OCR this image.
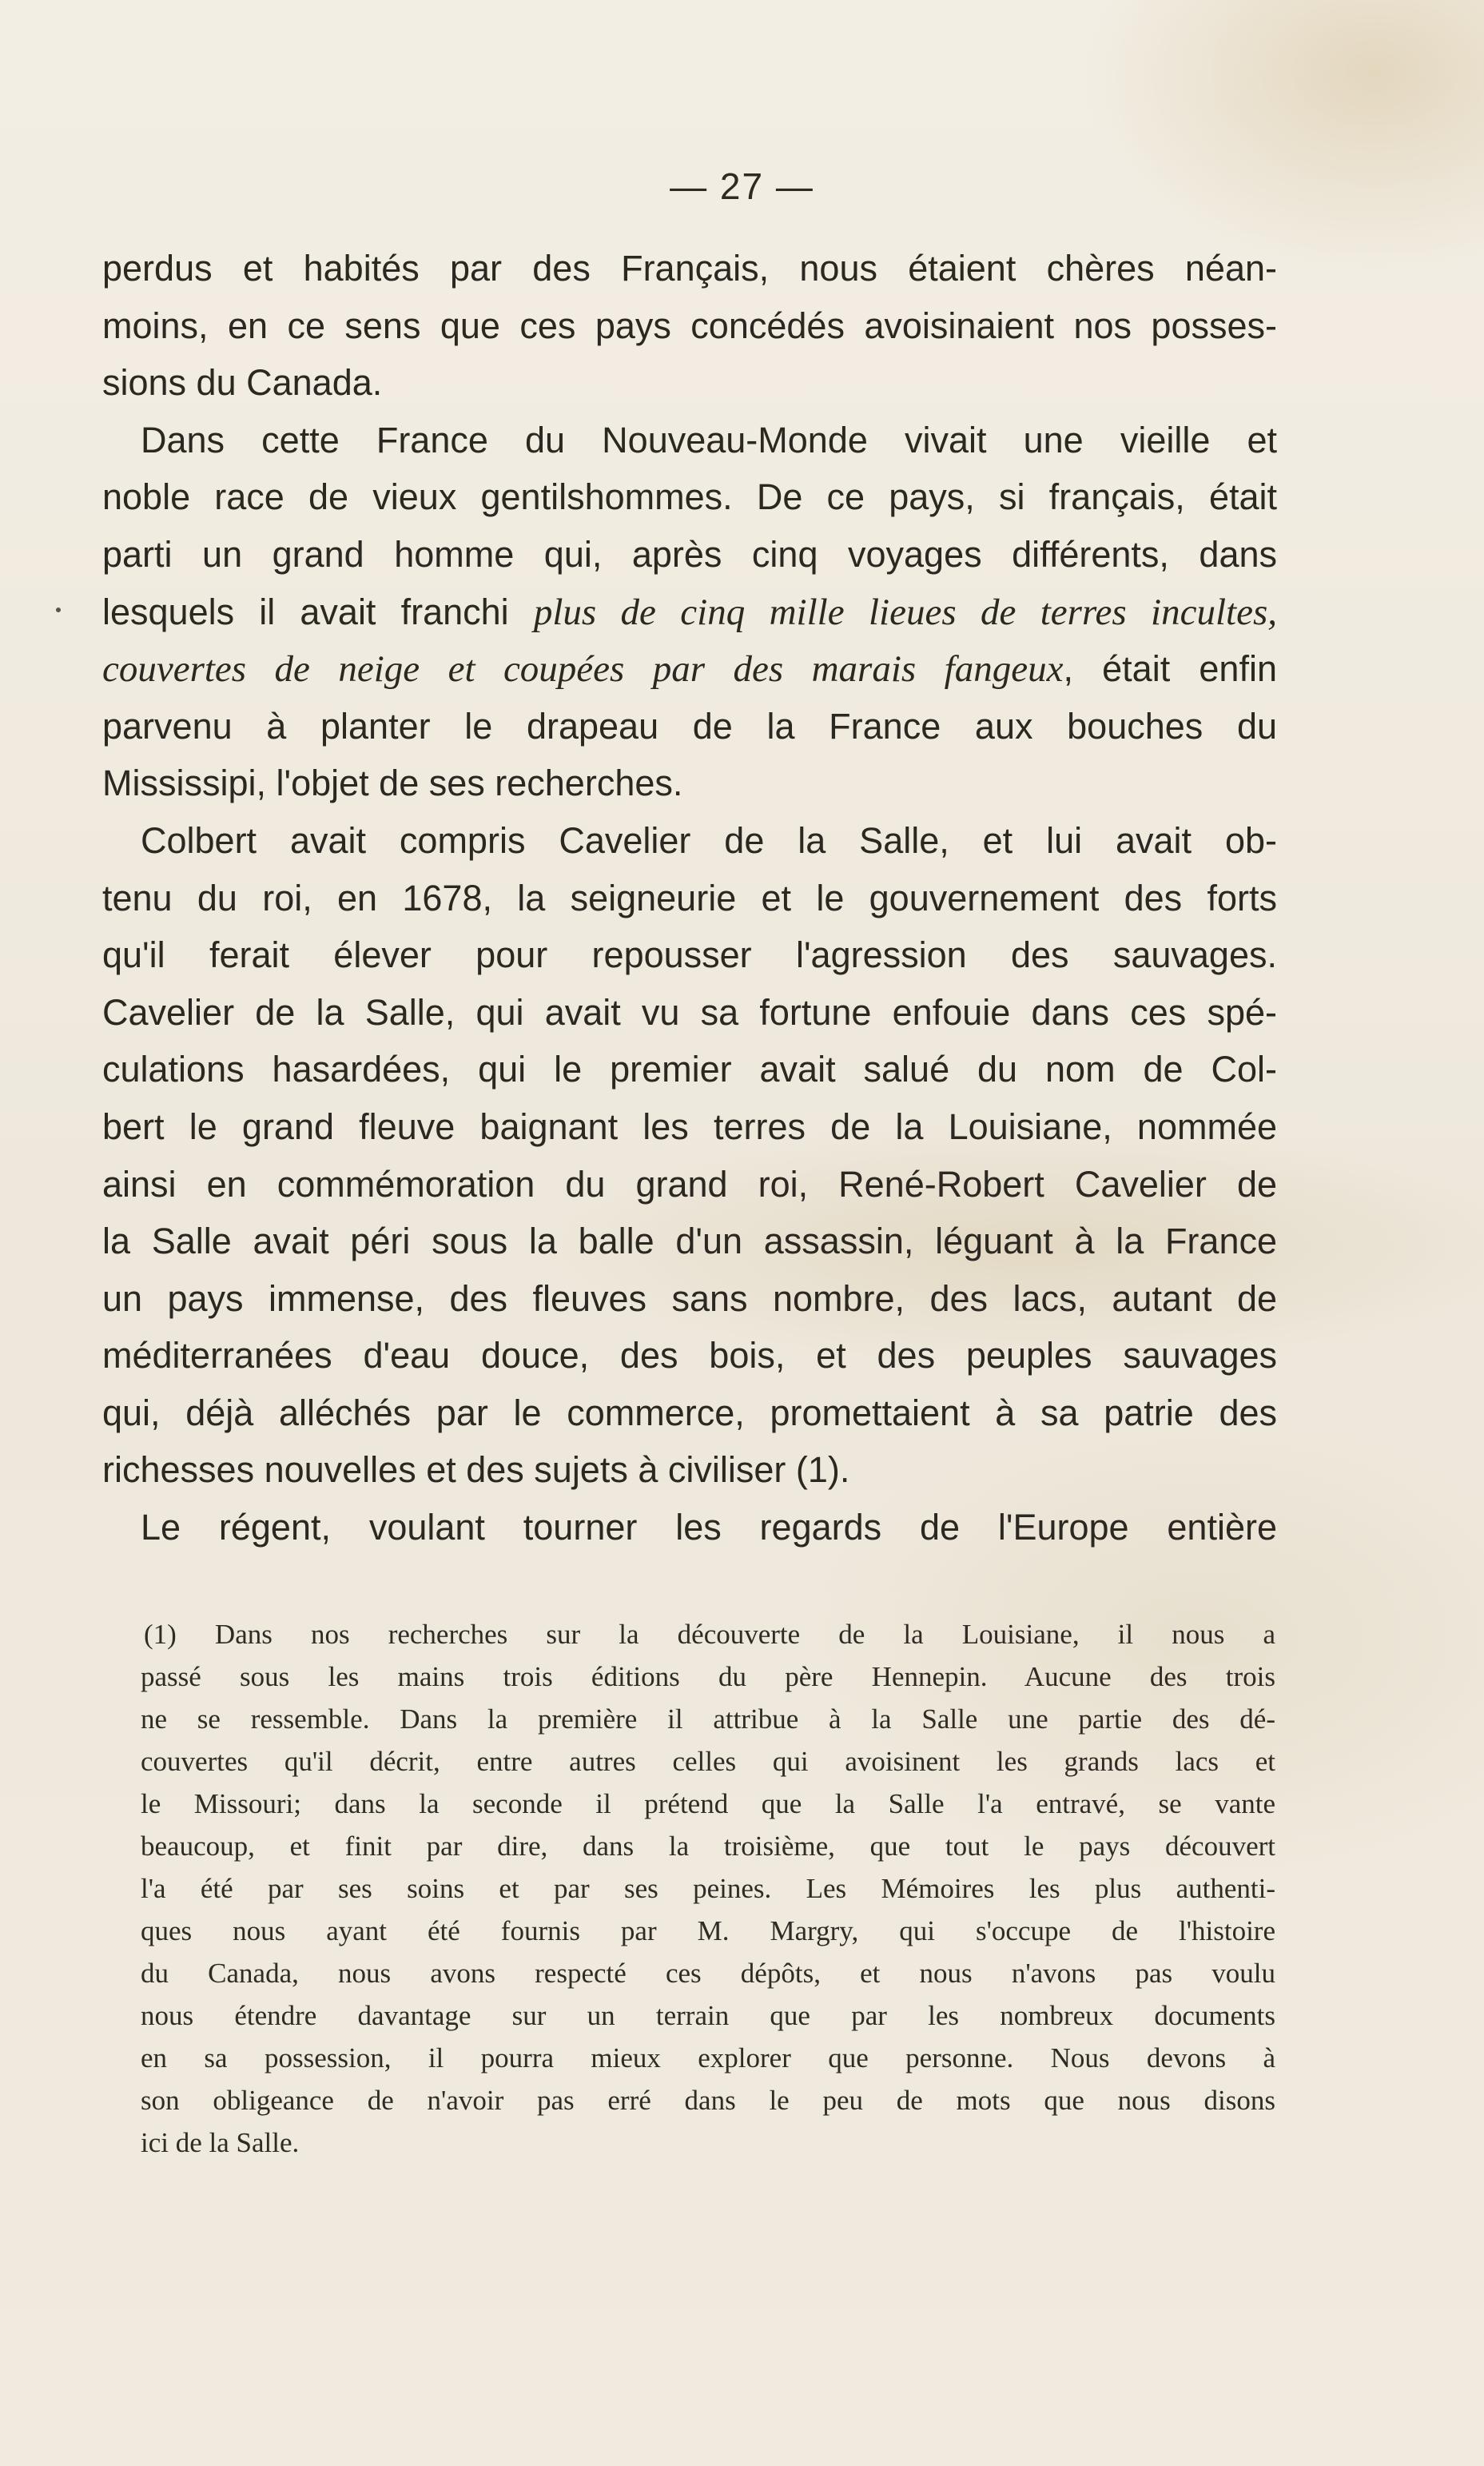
— 27 —
perdus et habités par des Français, nous étaient chères néan-
moins, en ce sens que ces pays concédés avoisinaient nos posses-
sions du Canada.
Dans cette France du Nouveau-Monde vivait une vieille et
noble race de vieux gentilshommes. De ce pays, si français, était
parti un grand homme qui, après cinq voyages différents, dans
lesquels il avait franchi plus de cinq mille lieues de terres incultes,
couvertes de neige et coupées par des marais fangeux, était enfin
parvenu à planter le drapeau de la France aux bouches du
Mississipi, l'objet de ses recherches.
Colbert avait compris Cavelier de la Salle, et lui avait ob-
tenu du roi, en 1678, la seigneurie et le gouvernement des forts
qu'il ferait élever pour repousser l'agression des sauvages.
Cavelier de la Salle, qui avait vu sa fortune enfouie dans ces spé-
culations hasardées, qui le premier avait salué du nom de Col-
bert le grand fleuve baignant les terres de la Louisiane, nommée
ainsi en commémoration du grand roi, René-Robert Cavelier de
la Salle avait péri sous la balle d'un assassin, léguant à la France
un pays immense, des fleuves sans nombre, des lacs, autant de
méditerranées d'eau douce, des bois, et des peuples sauvages
qui, déjà alléchés par le commerce, promettaient à sa patrie des
richesses nouvelles et des sujets à civiliser (1).
Le régent, voulant tourner les regards de l'Europe entière
(1) Dans nos recherches sur la découverte de la Louisiane, il nous a
passé sous les mains trois éditions du père Hennepin. Aucune des trois
ne se ressemble. Dans la première il attribue à la Salle une partie des dé-
couvertes qu'il décrit, entre autres celles qui avoisinent les grands lacs et
le Missouri; dans la seconde il prétend que la Salle l'a entravé, se vante
beaucoup, et finit par dire, dans la troisième, que tout le pays découvert
l'a été par ses soins et par ses peines. Les Mémoires les plus authenti-
ques nous ayant été fournis par M. Margry, qui s'occupe de l'histoire
du Canada, nous avons respecté ces dépôts, et nous n'avons pas voulu
nous étendre davantage sur un terrain que par les nombreux documents
en sa possession, il pourra mieux explorer que personne. Nous devons à
son obligeance de n'avoir pas erré dans le peu de mots que nous disons
ici de la Salle.
